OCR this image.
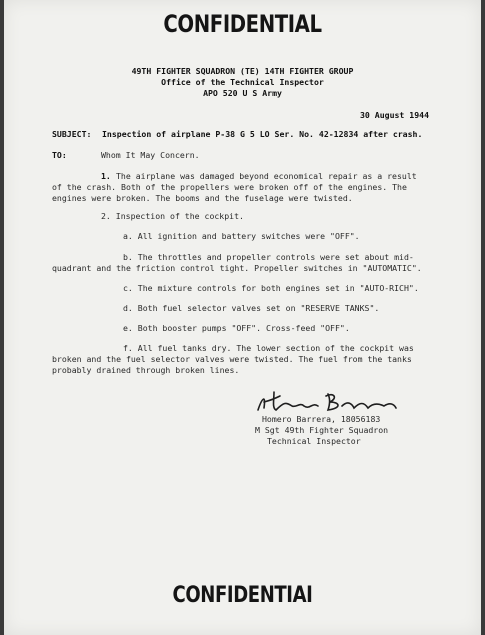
CONFIDENTIAL
49TH FIGHTER SQUADRON (TE) 14TH FIGHTER GROUP
Office of the Technical Inspector
APO 520 U S Army
30 August 1944
SUBJECT: Inspection of airplane P-38 G 5 LO Ser. No. 42-12834 after crash.
TO:	Whom It May Concern.
1. The airplane was damaged beyond economical repair as a result
of the crash. Both of the propellers were broken off of the engines. The
engines were broken. The booms and the fuselage were twisted.
2. Inspection of the cockpit.
a. All ignition and battery switches were "OFF".
b. The throttles and propeller controls were set about mid-
quadrant and the friction control tight. Propeller switches in "AUTOMATIC".
c. The mixture controls for both engines set in "AUTO-RICH".
d. Both fuel selector valves set on "RESERVE TANKS".
e. Both booster pumps "OFF". Cross-feed "OFF".
f. All fuel tanks dry. The lower section of the cockpit was
broken and the fuel selector valves were twisted. The fuel from the tanks
probably drained through broken lines.
Homero Barrera, 18056183
M Sgt 49th Fighter Squadron
Technical Inspector
CONFIDENTIAI
